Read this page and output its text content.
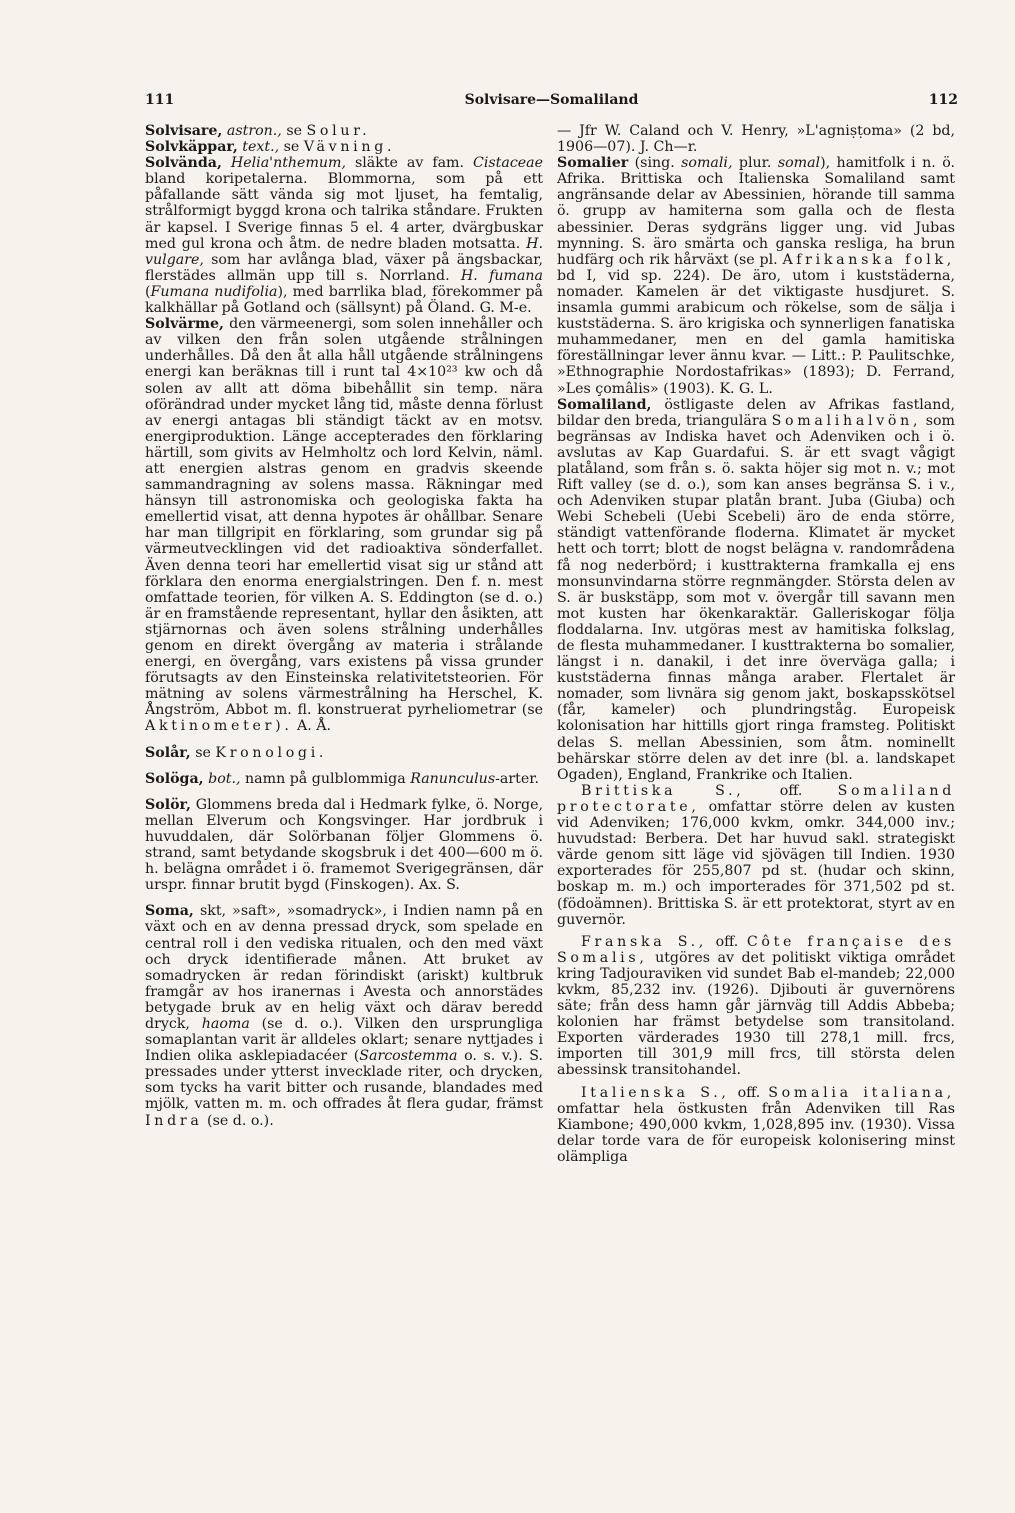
111	Solvisare—Somaliland	112

Solvisare, astron., se Solur.

Solvkäppar, text., se Vävning.

Solvända, Helia'nthemum, släkte av fam. Cistaceae bland koripetalerna. Blommorna, som på ett påfallande sätt vända sig mot ljuset, ha femtalig, strålformigt byggd krona och talrika ståndare. Frukten är kapsel. I Sverige finnas 5 el. 4 arter, dvärgbuskar med gul krona och åtm. de nedre bladen motsatta. H. vulgare, som har avlånga blad, växer på ängsbackar, flerstädes allmän upp till s. Norrland. H. fumana (Fumana nudifolia), med barrlika blad, förekommer på kalkhällar på Gotland och (sällsynt) på Öland. G. M-e.

Solvärme, den värmeenergi, som solen innehåller och av vilken den från solen utgående strålningen underhålles. Då den åt alla håll utgående strålningens energi kan beräknas till i runt tal 4×10²³ kw och då solen av allt att döma bibehållit sin temp. nära oförändrad under mycket lång tid, måste denna förlust av energi antagas bli ständigt täckt av en motsv. energiproduktion. Länge accepterades den förklaring härtill, som givits av Helmholtz och lord Kelvin, näml. att energien alstras genom en gradvis skeende sammandragning av solens massa. Räkningar med hänsyn till astronomiska och geologiska fakta ha emellertid visat, att denna hypotes är ohållbar. Senare har man tillgripit en förklaring, som grundar sig på värmeutvecklingen vid det radioaktiva sönderfallet. Även denna teori har emellertid visat sig ur stånd att förklara den enorma energialstringen. Den f. n. mest omfattade teorien, för vilken A. S. Eddington (se d. o.) är en framstående representant, hyllar den åsikten, att stjärnornas och även solens strålning underhålles genom en direkt övergång av materia i strålande energi, en övergång, vars existens på vissa grunder förutsagts av den Einsteinska relativitetsteorien. För mätning av solens värmestrålning ha Herschel, K. Ångström, Abbot m. fl. konstruerat pyrheliometrar (se Aktinometer). A. Å.

Solår, se Kronologi.

Solöga, bot., namn på gulblommiga Ranunculus-arter.

Solör, Glommens breda dal i Hedmark fylke, ö. Norge, mellan Elverum och Kongsvinger. Har jordbruk i huvuddalen, där Solörbanan följer Glommens ö. strand, samt betydande skogsbruk i det 400—600 m ö. h. belägna området i ö. framemot Sverigegränsen, där urspr. finnar brutit bygd (Finskogen). Ax. S.

Soma, skt, »saft», »somadryck», i Indien namn på en växt och en av denna pressad dryck, som spelade en central roll i den vediska ritualen, och den med växt och dryck identifierade månen. Att bruket av somadrycken är redan förindiskt (ariskt) kultbruk framgår av hos iranernas i Avesta och annorstädes betygade bruk av en helig växt och därav beredd dryck, haoma (se d. o.). Vilken den ursprungliga somaplantan varit är alldeles oklart; senare nyttjades i Indien olika asklepiadacéer (Sarcostemma o. s. v.). S. pressades under ytterst invecklade riter, och drycken, som tycks ha varit bitter och rusande, blandades med mjölk, vatten m. m. och offrades åt flera gudar, främst Indra (se d. o.).

— Jfr W. Caland och V. Henry, »L'agniṣṭoma» (2 bd, 1906—07). J. Ch—r.

Somalier (sing. somali, plur. somal), hamitfolk i n. ö. Afrika. Brittiska och Italienska Somaliland samt angränsande delar av Abessinien, hörande till samma ö. grupp av hamiterna som galla och de flesta abessinier. Deras sydgräns ligger ung. vid Jubas mynning. S. äro smärta och ganska resliga, ha brun hudfärg och rik hårväxt (se pl. Afrikanska folk, bd I, vid sp. 224). De äro, utom i kuststäderna, nomader. Kamelen är det viktigaste husdjuret. S. insamla gummi arabicum och rökelse, som de sälja i kuststäderna. S. äro krigiska och synnerligen fanatiska muhammedaner, men en del gamla hamitiska föreställningar lever ännu kvar. — Litt.: P. Paulitschke, »Ethnographie Nordostafrikas» (1893); D. Ferrand, »Les çomâlis» (1903). K. G. L.

Somaliland, östligaste delen av Afrikas fastland, bildar den breda, triangulära Somalihalvön, som begränsas av Indiska havet och Adenviken och i ö. avslutas av Kap Guardafui. S. är ett svagt vågigt platåland, som från s. ö. sakta höjer sig mot n. v.; mot Rift valley (se d. o.), som kan anses begränsa S. i v., och Adenviken stupar platån brant. Juba (Giuba) och Webi Schebeli (Uebi Scebeli) äro de enda större, ständigt vattenförande floderna. Klimatet är mycket hett och torrt; blott de nogst belägna v. randområdena få nog nederbörd; i kusttrakterna framkalla ej ens monsunvindarna större regnmängder. Största delen av S. är buskstäpp, som mot v. övergår till savann men mot kusten har ökenkaraktär. Galleriskogar följa floddalarna. Inv. utgöras mest av hamitiska folkslag, de flesta muhammedaner. I kusttrakterna bo somalier, längst i n. danakil, i det inre överväga galla; i kuststäderna finnas många araber. Flertalet är nomader, som livnära sig genom jakt, boskapsskötsel (får, kameler) och plundringståg. Europeisk kolonisation har hittills gjort ringa framsteg. Politiskt delas S. mellan Abessinien, som åtm. nominellt behärskar större delen av det inre (bl. a. landskapet Ogaden), England, Frankrike och Italien.

Brittiska S., off. Somaliland protectorate, omfattar större delen av kusten vid Adenviken; 176,000 kvkm, omkr. 344,000 inv.; huvudstad: Berbera. Det har huvud sakl. strategiskt värde genom sitt läge vid sjövägen till Indien. 1930 exporterades för 255,807 pd st. (hudar och skinn, boskap m. m.) och importerades för 371,502 pd st. (födoämnen). Brittiska S. är ett protektorat, styrt av en guvernör.

Franska S., off. Côte française des Somalis, utgöres av det politiskt viktiga området kring Tadjouraviken vid sundet Bab el-mandeb; 22,000 kvkm, 85,232 inv. (1926). Djibouti är guvernörens säte; från dess hamn går järnväg till Addis Abbeba; kolonien har främst betydelse som transitoland. Exporten värderades 1930 till 278,1 mill. frcs, importen till 301,9 mill frcs, till största delen abessinsk transitohandel.

Italienska S., off. Somalia italiana, omfattar hela östkusten från Adenviken till Ras Kiambone; 490,000 kvkm, 1,028,895 inv. (1930). Vissa delar torde vara de för europeisk kolonisering minst olämpliga
